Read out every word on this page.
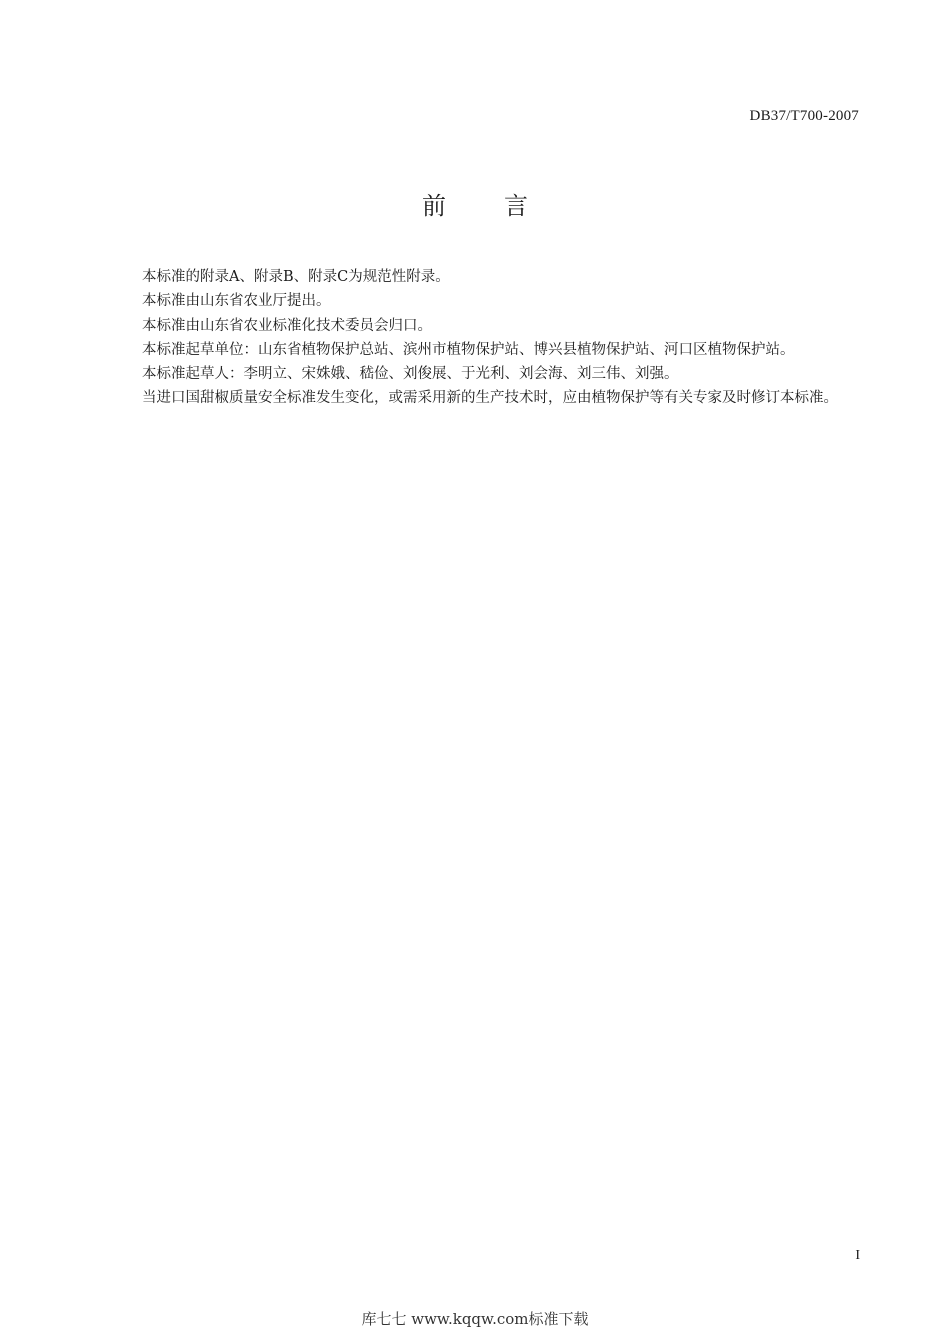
DB37/T700-2007
前 言

本标准的附录A、附录B、附录C为规范性附录。

本标准由山东省农业厅提出。

本标准由山东省农业标准化技术委员会归口。

本标准起草单位：山东省植物保护总站、滨州市植物保护站、博兴县植物保护站、河口区植物保护站。

本标准起草人：李明立、宋姝娥、嵇俭、刘俊展、于光利、刘会海、刘三伟、刘强。

当进口国甜椒质量安全标准发生变化，或需采用新的生产技术时，应由植物保护等有关专家及时修订本标准。

I
库七七 www.kqqw.com标准下载
